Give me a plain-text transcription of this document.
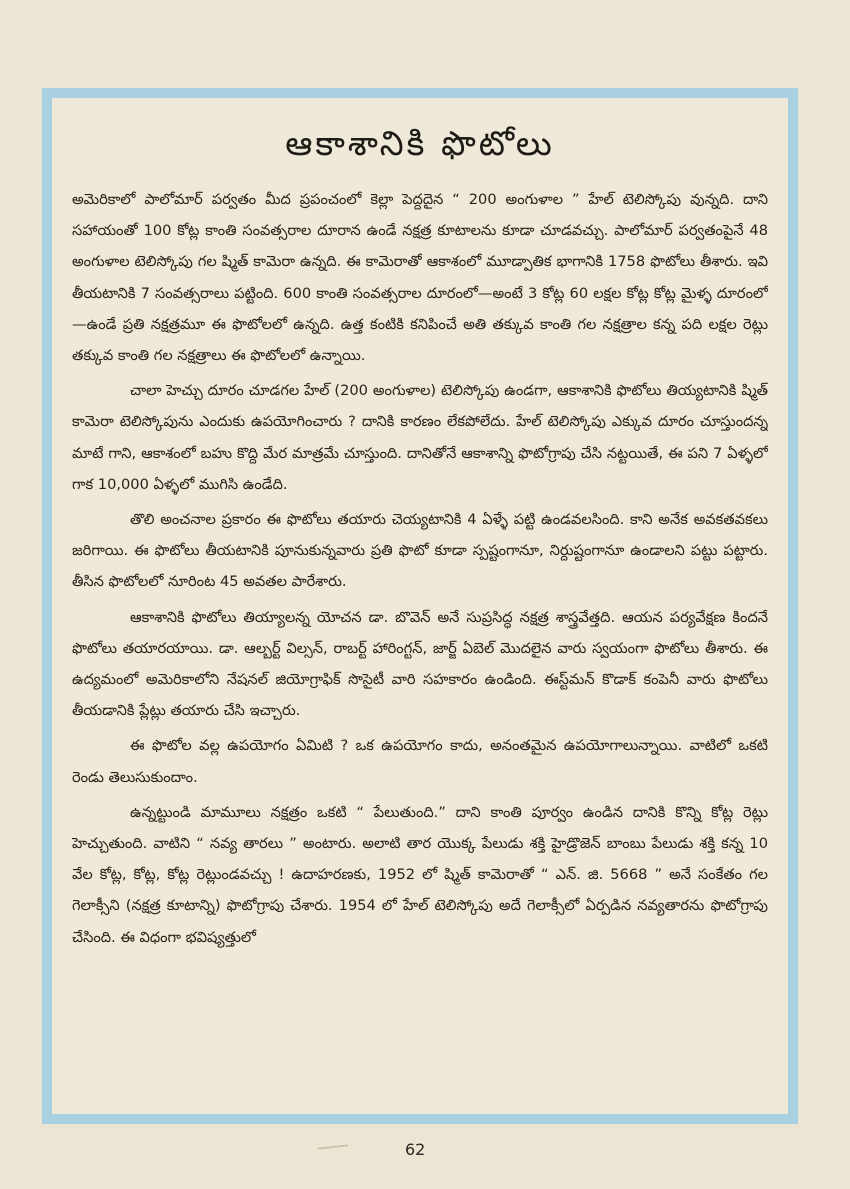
ఆకాశానికి ఫొటోలు

అమెరికాలో పాలోమార్ పర్వతం మీద ప్రపంచంలో కెల్లా పెద్దదైన “ 200 అంగుళాల ” హేల్ టెలిస్కోపు వున్నది. దాని సహాయంతో 100 కోట్ల కాంతి సంవత్సరాల దూరాన ఉండే నక్షత్ర కూటాలను కూడా చూడవచ్చు. పాలోమార్ పర్వతంపైనే 48 అంగుళాల టెలిస్కోపు గల ష్మిత్ కామెరా ఉన్నది. ఈ కామెరాతో ఆకాశంలో మూడ్పాతిక భాగానికి 1758 ఫొటోలు తీశారు. ఇవి తీయటానికి 7 సంవత్సరాలు పట్టింది. 600 కాంతి సంవత్సరాల దూరంలో—అంటే 3 కోట్ల 60 లక్షల కోట్ల కోట్ల మైళ్ళ దూరంలో—ఉండే ప్రతి నక్షత్రమూ ఈ ఫొటోలలో ఉన్నది. ఉత్త కంటికి కనిపించే అతి తక్కువ కాంతి గల నక్షత్రాల కన్న పది లక్షల రెట్లు తక్కువ కాంతి గల నక్షత్రాలు ఈ ఫొటోలలో ఉన్నాయి.

చాలా హెచ్చు దూరం చూడగల హేల్ (200 అంగుళాల) టెలిస్కోపు ఉండగా, ఆకాశానికి ఫొటోలు తియ్యటానికి ష్మిత్ కామెరా టెలిస్కోపును ఎందుకు ఉపయోగించారు ? దానికి కారణం లేకపోలేదు. హేల్ టెలిస్కోపు ఎక్కువ దూరం చూస్తుందన్న మాటే గాని, ఆకాశంలో బహు కొద్ది మేర మాత్రమే చూస్తుంది. దానితోనే ఆకాశాన్ని ఫొటోగ్రాపు చేసి నట్టయితే, ఈ పని 7 ఏళ్ళలో గాక 10,000 ఏళ్ళలో ముగిసి ఉండేది.

తొలి అంచనాల ప్రకారం ఈ ఫొటోలు తయారు చెయ్యటానికి 4 ఏళ్ళే పట్టి ఉండవలసింది. కాని అనేక అవకతవకలు జరిగాయి. ఈ ఫొటోలు తీయటానికి పూనుకున్నవారు ప్రతి ఫొటో కూడా స్పష్టంగానూ, నిర్దుష్టంగానూ ఉండాలని పట్టు పట్టారు. తీసిన ఫొటోలలో నూరింట 45 అవతల పారేశారు.

ఆకాశానికి ఫొటోలు తియ్యాలన్న యోచన డా. బొవెన్ అనే సుప్రసిద్ధ నక్షత్ర శాస్త్రవేత్తది. ఆయన పర్యవేక్షణ కిందనే ఫొటోలు తయారయాయి. డా. ఆల్బర్ట్ విల్సన్, రాబర్ట్ హారింగ్టన్, జార్జ్ ఏబెల్ మొదలైన వారు స్వయంగా ఫొటోలు తీశారు. ఈ ఉద్యమంలో అమెరికాలోని నేషనల్ జియోగ్రాఫిక్ సొసైటీ వారి సహకారం ఉండింది. ఈస్ట్‌మన్ కొడాక్ కంపెనీ వారు ఫొటోలు తీయడానికి ప్లేట్లు తయారు చేసి ఇచ్చారు.

ఈ ఫొటోల వల్ల ఉపయోగం ఏమిటి ? ఒక ఉపయోగం కాదు, అనంతమైన ఉపయోగాలున్నాయి. వాటిలో ఒకటి రెండు తెలుసుకుందాం.

ఉన్నట్టుండి మామూలు నక్షత్రం ఒకటి “ పేలుతుంది.” దాని కాంతి పూర్వం ఉండిన దానికి కొన్ని కోట్ల రెట్లు హెచ్చుతుంది. వాటిని “ నవ్య తారలు ” అంటారు. అలాటి తార యొక్క పేలుడు శక్తి హైడ్రొజెన్ బాంబు పేలుడు శక్తి కన్న 10 వేల కోట్ల, కోట్ల, కోట్ల రెట్లుండవచ్చు ! ఉదాహరణకు, 1952 లో ష్మిత్ కామెరాతో “ ఎన్. జి. 5668 ” అనే సంకేతం గల గెలాక్సీని (నక్షత్ర కూటాన్ని) ఫొటోగ్రాపు చేశారు. 1954 లో హేల్ టెలిస్కోపు అదే గెలాక్సీలో ఏర్పడిన నవ్యతారను ఫొటోగ్రాపు చేసింది. ఈ విధంగా భవిష్యత్తులో

62
